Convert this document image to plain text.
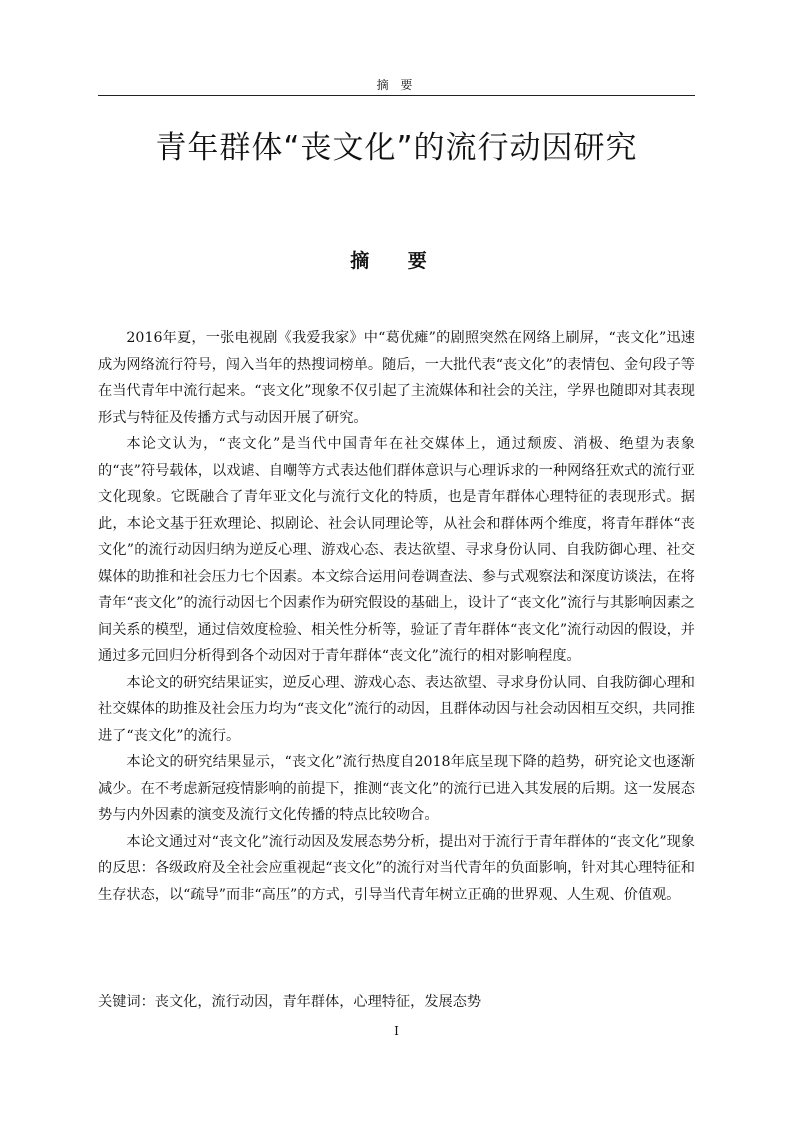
摘 要
青年群体“丧文化”的流行动因研究
摘 要

2016年夏，一张电视剧《我爱我家》中“葛优瘫”的剧照突然在网络上刷屏，“丧文化”迅速成为网络流行符号，闯入当年的热搜词榜单。随后，一大批代表“丧文化”的表情包、金句段子等在当代青年中流行起来。“丧文化”现象不仅引起了主流媒体和社会的关注，学界也随即对其表现形式与特征及传播方式与动因开展了研究。

本论文认为，“丧文化”是当代中国青年在社交媒体上，通过颓废、消极、绝望为表象的“丧”符号载体，以戏谑、自嘲等方式表达他们群体意识与心理诉求的一种网络狂欢式的流行亚文化现象。它既融合了青年亚文化与流行文化的特质，也是青年群体心理特征的表现形式。据此，本论文基于狂欢理论、拟剧论、社会认同理论等，从社会和群体两个维度，将青年群体“丧文化”的流行动因归纳为逆反心理、游戏心态、表达欲望、寻求身份认同、自我防御心理、社交媒体的助推和社会压力七个因素。本文综合运用问卷调查法、参与式观察法和深度访谈法，在将青年“丧文化”的流行动因七个因素作为研究假设的基础上，设计了“丧文化”流行与其影响因素之间关系的模型，通过信效度检验、相关性分析等，验证了青年群体“丧文化”流行动因的假设，并通过多元回归分析得到各个动因对于青年群体“丧文化”流行的相对影响程度。

本论文的研究结果证实，逆反心理、游戏心态、表达欲望、寻求身份认同、自我防御心理和社交媒体的助推及社会压力均为“丧文化”流行的动因，且群体动因与社会动因相互交织，共同推进了“丧文化”的流行。

本论文的研究结果显示，“丧文化”流行热度自2018年底呈现下降的趋势，研究论文也逐渐减少。在不考虑新冠疫情影响的前提下，推测“丧文化”的流行已进入其发展的后期。这一发展态势与内外因素的演变及流行文化传播的特点比较吻合。

本论文通过对“丧文化”流行动因及发展态势分析，提出对于流行于青年群体的“丧文化”现象的反思：各级政府及全社会应重视起“丧文化”的流行对当代青年的负面影响，针对其心理特征和生存状态，以“疏导”而非“高压”的方式，引导当代青年树立正确的世界观、人生观、价值观。

关键词：丧文化，流行动因，青年群体，心理特征，发展态势
I
